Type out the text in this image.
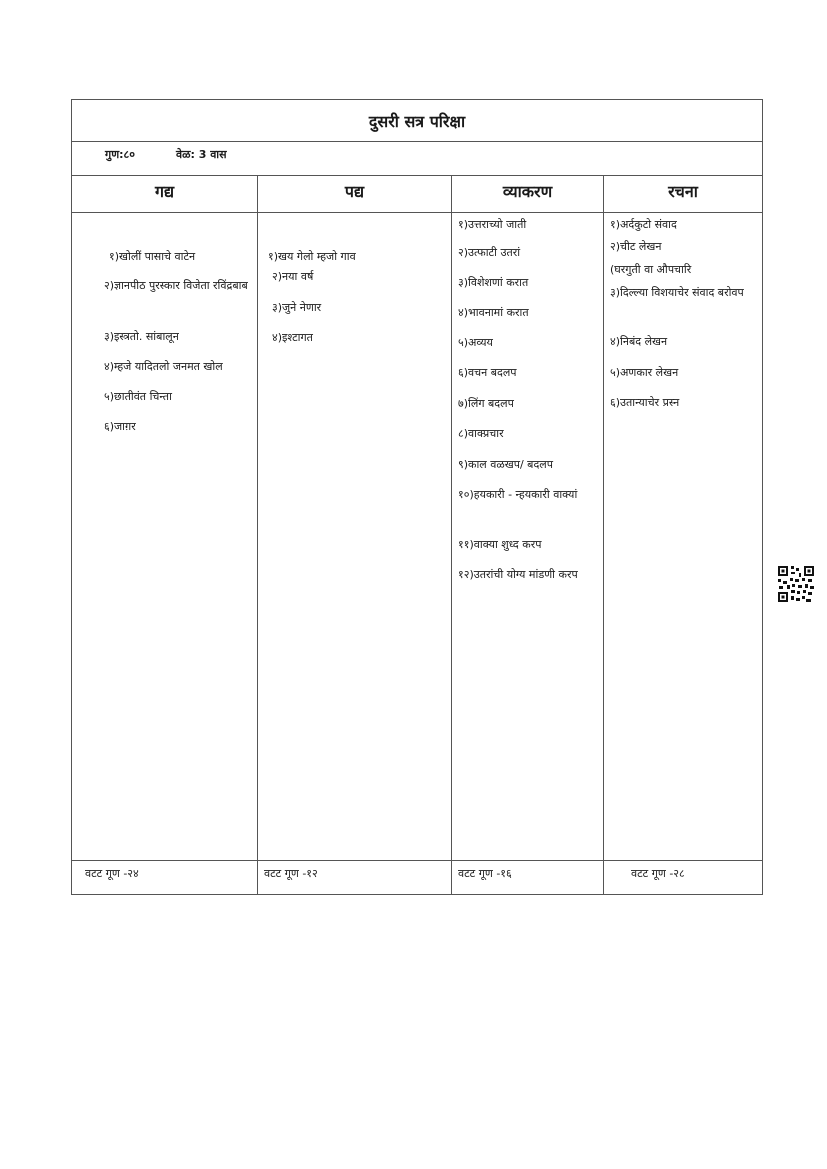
दुसरी सत्र परिक्षा
गुण:८०	वेळ: 3 वास
गद्य
१)खोलीं पासाचे वाटेन
२)ज्ञानपीठ पुरस्कार विजेता रविंद्रबाब
३)इस्त्रतो. सांबालून
४)म्हजे यादितलो जनमत खोल
५)छातीवंत चिन्ता
६)जाग़र
वटट गूण -२४
पद्य
१)खय गेलो म्हजो गाव
२)नया वर्ष
३)जुने नेणार
४)इश्टागत
वटट गूण -१२
व्याकरण
१)उत्तराच्यो जाती
२)उत्फाटी उतरां
३)विशेशणां करात
४)भावनामां करात
५)अव्यय
६)वचन बदलप
७)लिंग बदलप
८)वाक्प्रचार
९)काल वळखप/ बदलप
१०)हयकारी - न्हयकारी वाक्यां
११)वाक्या शुध्द करप
१२)उतरांची योग्य मांडणी करप
वटट गूण -१६
रचना
१)अर्दकुटो संवाद
२)चीट लेखन
(घरगुती वा औपचारि
३)दिल्ल्या विशयाचेर संवाद बरोवप
४)निबंद लेखन
५)अणकार लेखन
६)उतान्याचेर प्रस्न
वटट गूण -२८
